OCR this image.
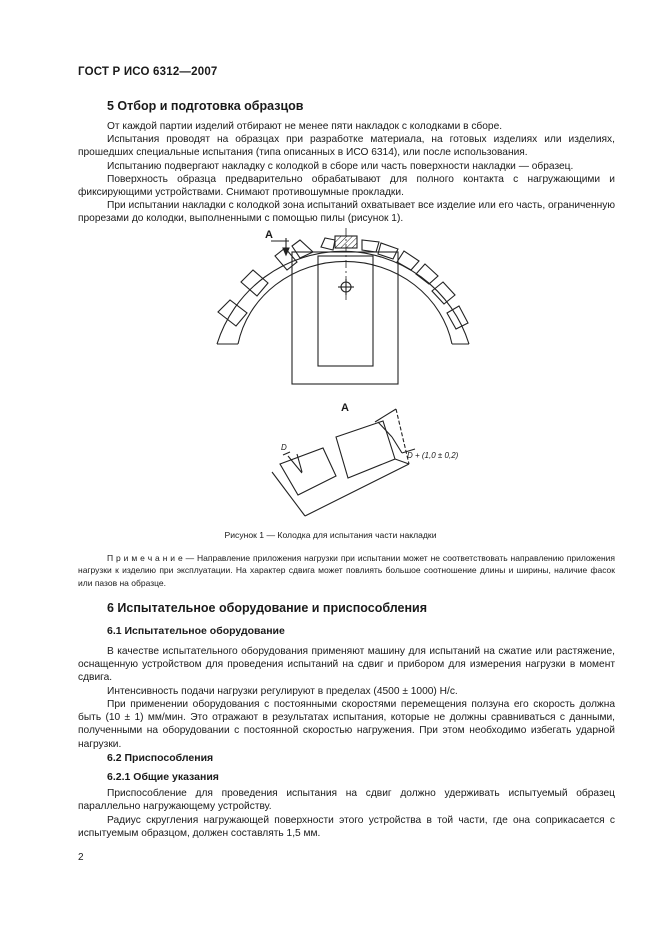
ГОСТ Р ИСО 6312—2007
5 Отбор и подготовка образцов
От каждой партии изделий отбирают не менее пяти накладок с колодками в сборе.
Испытания проводят на образцах при разработке материала, на готовых изделиях или изделиях, прошедших специальные испытания (типа описанных в ИСО 6314), или после использования.
Испытанию подвергают накладку с колодкой в сборе или часть поверхности накладки — образец.
Поверхность образца предварительно обрабатывают для полного контакта с нагружающими и фиксирующими устройствами. Снимают противошумные прокладки.
При испытании накладки с колодкой зона испытаний охватывает все изделие или его часть, ограниченную прорезами до колодки, выполненными с помощью пилы (рисунок 1).
A
A
D
D + (1,0 ± 0,2)
Рисунок 1 — Колодка для испытания части накладки
П р и м е ч а н и е — Направление приложения нагрузки при испытании может не соответствовать направлению приложения нагрузки к изделию при эксплуатации. На характер сдвига может повлиять большое соотношение длины и ширины, наличие фасок или пазов на образце.
6 Испытательное оборудование и приспособления
6.1 Испытательное оборудование
В качестве испытательного оборудования применяют машину для испытаний на сжатие или растяжение, оснащенную устройством для проведения испытаний на сдвиг и прибором для измерения нагрузки в момент сдвига.
Интенсивность подачи нагрузки регулируют в пределах (4500 ± 1000) Н/с.
При применении оборудования с постоянными скоростями перемещения ползуна его скорость должна быть (10 ± 1) мм/мин. Это отражают в результатах испытания, которые не должны сравниваться с данными, полученными на оборудовании с постоянной скоростью нагружения. При этом необходимо избегать ударной нагрузки.
6.2 Приспособления
6.2.1 Общие указания
Приспособление для проведения испытания на сдвиг должно удерживать испытуемый образец параллельно нагружающему устройству.
Радиус скругления нагружающей поверхности этого устройства в той части, где она соприкасается с испытуемым образцом, должен составлять 1,5 мм.
2
